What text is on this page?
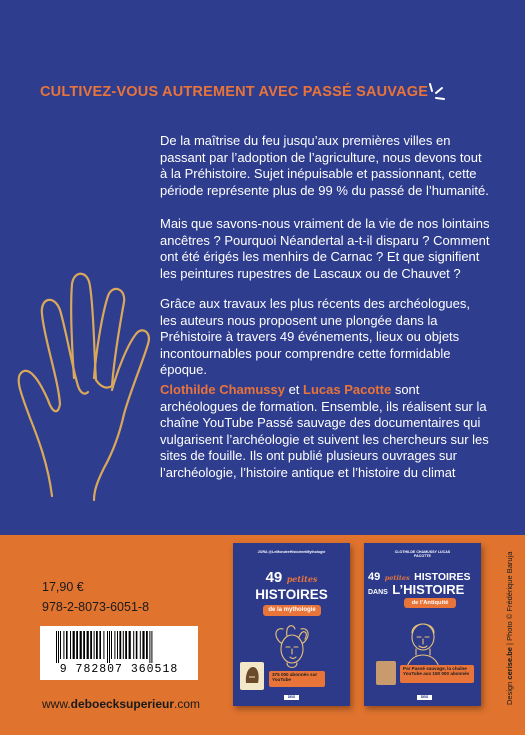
CULTIVEZ-VOUS AUTREMENT AVEC PASSÉ SAUVAGE

De la maîtrise du feu jusqu’aux premières villes en passant par l’adoption de l’agriculture, nous devons tout à la Préhistoire. Sujet inépuisable et passionnant, cette période représente plus de 99 % du passé de l’humanité.

Mais que savons-nous vraiment de la vie de nos lointains ancêtres ? Pourquoi Néandertal a-t-il disparu ? Comment ont été érigés les menhirs de Carnac ? Et que signifient les peintures rupestres de Lascaux ou de Chauvet ?

Grâce aux travaux les plus récents des archéologues, les auteurs nous proposent une plongée dans la Préhistoire à travers 49 événements, lieux ou objets incontournables pour comprendre cette formidable époque.

Clothilde Chamussy et Lucas Pacotte sont archéologues de formation. Ensemble, ils réalisent sur la chaîne YouTube Passé sauvage des documentaires qui vulgarisent l’archéologie et suivent les chercheurs sur les sites de fouille. Ils ont publié plusieurs ouvrages sur l’archéologie, l’histoire antique et l’histoire du climat

17,90 €
978-2-8073-6051-8
9 782807 360518
www.deboecksuperieur.com
JORA @LeMondeeHistoireetMythologie
49 petites
HISTOIRES
de la mythologie
375 000 abonnés sur YouTube
DBS
CLOTHILDE CHAMUSSY LUCAS PACOTTE
49 petites HISTOIRES
DANS L’HISTOIRE
de l’Antiquité
Par Passé sauvage, la chaîne YouTube aux 150 000 abonnés
DBS	Design cerise.be | Photo © Frédérique Baruja
